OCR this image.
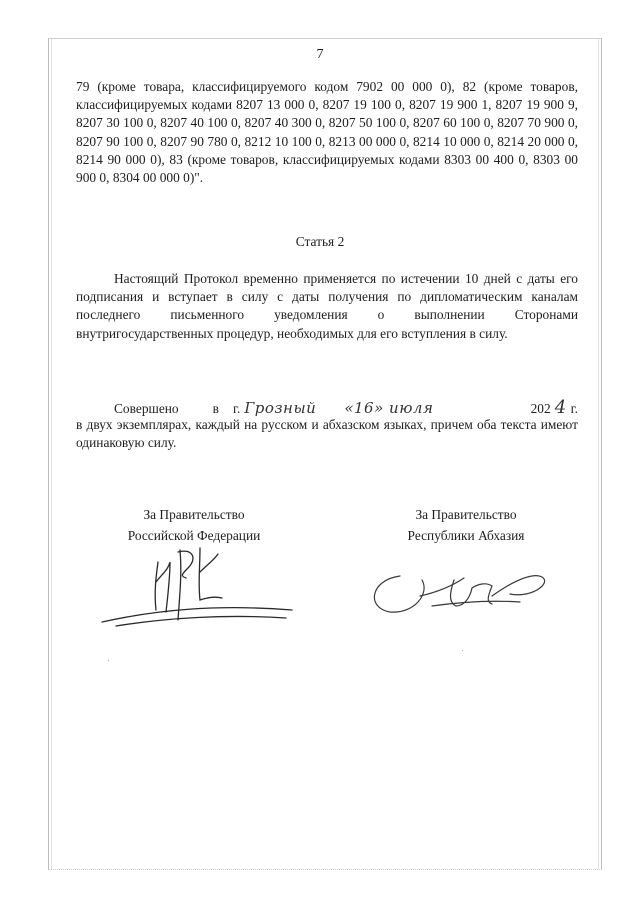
7
79 (кроме товара, классифицируемого кодом 7902 00 000 0), 82 (кроме товаров, классифицируемых кодами 8207 13 000 0, 8207 19 100 0, 8207 19 900 1, 8207 19 900 9, 8207 30 100 0, 8207 40 100 0, 8207 40 300 0, 8207 50 100 0, 8207 60 100 0, 8207 70 900 0, 8207 90 100 0, 8207 90 780 0, 8212 10 100 0, 8213 00 000 0, 8214 10 000 0, 8214 20 000 0, 8214 90 000 0), 83 (кроме товаров, классифицируемых кодами 8303 00 400 0, 8303 00 900 0, 8304 00 000 0)".
Статья 2
Настоящий Протокол временно применяется по истечении 10 дней с даты его подписания и вступает в силу с даты получения по дипломатическим каналам последнего письменного уведомления о выполнении Сторонами внутригосударственных процедур, необходимых для его вступления в силу.
Совершено	в г. Грозный «16» июля	202 4 г.
в двух экземплярах, каждый на русском и абхазском языках, причем оба текста имеют одинаковую силу.
За Правительство
Российской Федерации
За Правительство
Республики Абхазия
